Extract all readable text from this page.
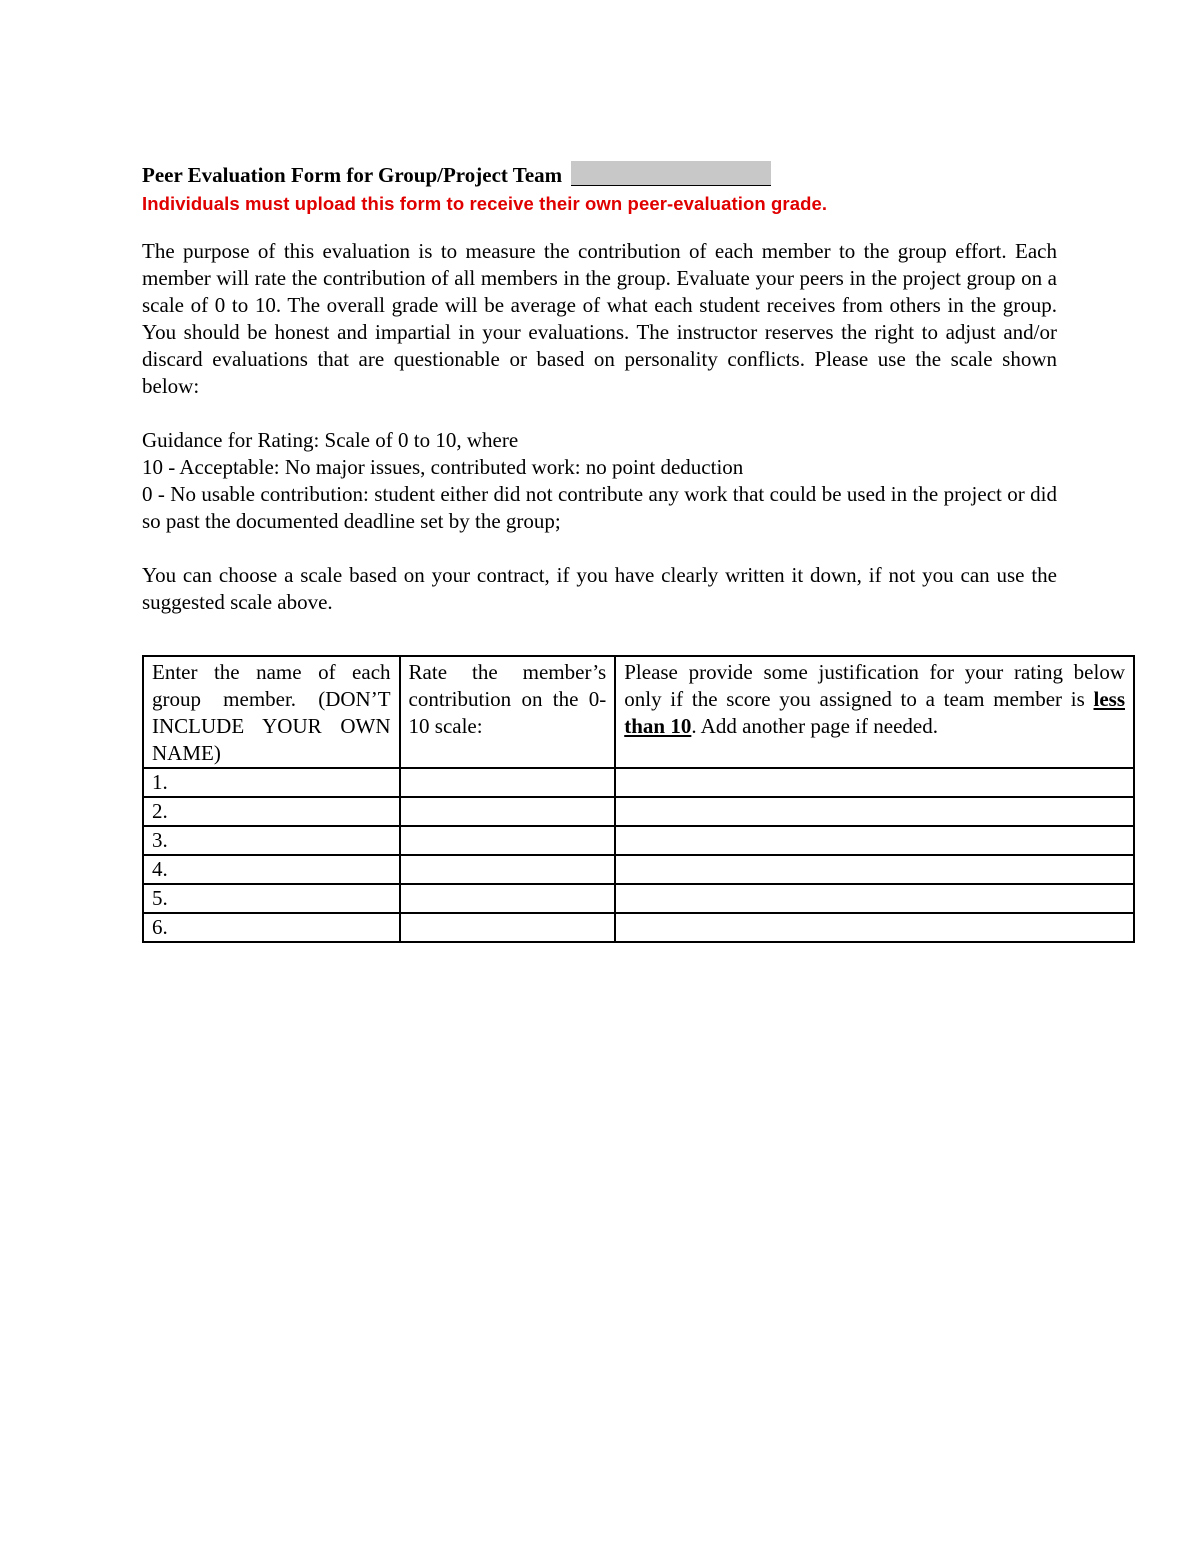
Peer Evaluation Form for Group/Project Team
Individuals must upload this form to receive their own peer-evaluation grade.

The purpose of this evaluation is to measure the contribution of each member to the group effort. Each member will rate the contribution of all members in the group. Evaluate your peers in the project group on a scale of 0 to 10. The overall grade will be average of what each student receives from others in the group. You should be honest and impartial in your evaluations. The instructor reserves the right to adjust and/or discard evaluations that are questionable or based on personality conflicts. Please use the scale shown below:

Guidance for Rating: Scale of 0 to 10, where
10 - Acceptable: No major issues, contributed work: no point deduction
0 - No usable contribution: student either did not contribute any work that could be used in the project or did so past the documented deadline set by the group;

You can choose a scale based on your contract, if you have clearly written it down, if not you can use the suggested scale above.

Enter the name of each group member. (DON’T INCLUDE YOUR OWN NAME)	Rate the member’s contribution on the 0-10 scale:	Please provide some justification for your rating below only if the score you assigned to a team member is less than 10. Add another page if needed.
1.		
2.		
3.		
4.		
5.		
6.		
